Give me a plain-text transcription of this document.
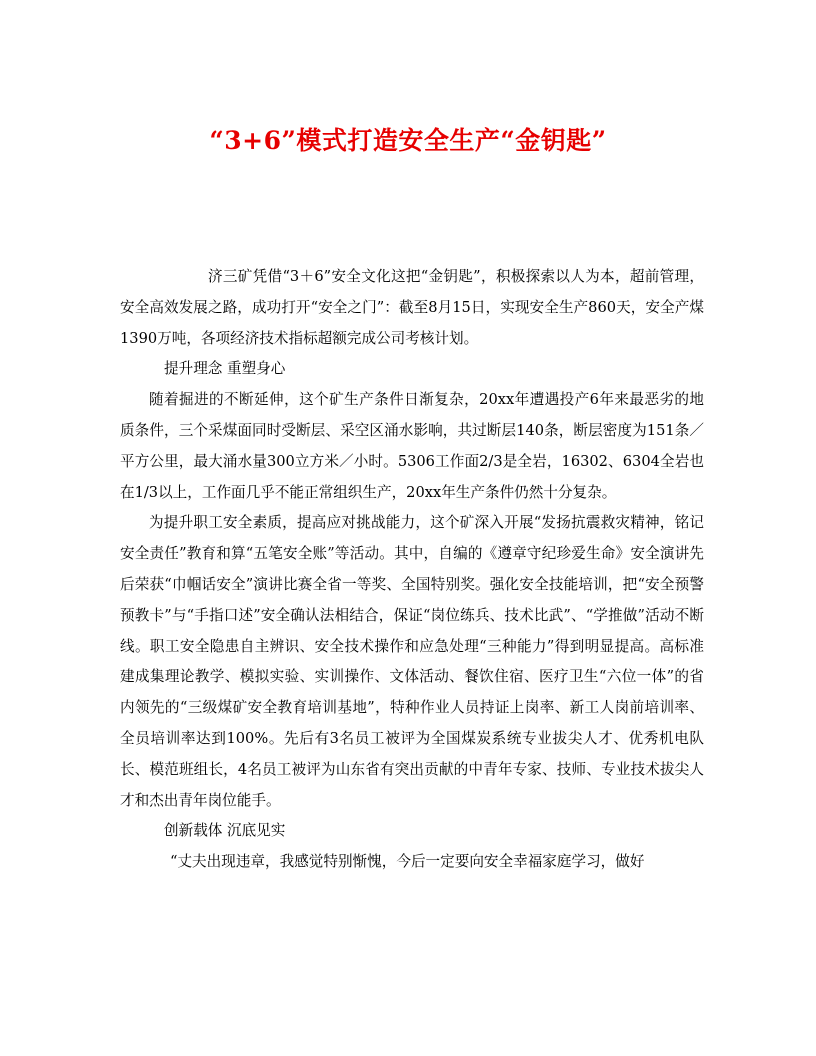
“3+6”模式打造安全生产“金钥匙”

济三矿凭借“3＋6”安全文化这把“金钥匙”，积极探索以人为本，超前管理，安全高效发展之路，成功打开“安全之门”：截至8月15日，实现安全生产860天，安全产煤1390万吨，各项经济技术指标超额完成公司考核计划。

提升理念 重塑身心

随着掘进的不断延伸，这个矿生产条件日渐复杂，20xx年遭遇投产6年来最恶劣的地质条件，三个采煤面同时受断层、采空区涌水影响，共过断层140条，断层密度为151条／平方公里，最大涌水量300立方米／小时。5306工作面2/3是全岩，16302、6304全岩也在1/3以上，工作面几乎不能正常组织生产，20xx年生产条件仍然十分复杂。

为提升职工安全素质，提高应对挑战能力，这个矿深入开展“发扬抗震救灾精神，铭记安全责任”教育和算“五笔安全账”等活动。其中，自编的《遵章守纪珍爱生命》安全演讲先后荣获“巾帼话安全”演讲比赛全省一等奖、全国特别奖。强化安全技能培训，把“安全预警预教卡”与“手指口述”安全确认法相结合，保证“岗位练兵、技术比武”、“学推做”活动不断线。职工安全隐患自主辨识、安全技术操作和应急处理“三种能力”得到明显提高。高标准建成集理论教学、模拟实验、实训操作、文体活动、餐饮住宿、医疗卫生“六位一体”的省内领先的“三级煤矿安全教育培训基地”，特种作业人员持证上岗率、新工人岗前培训率、全员培训率达到100%。先后有3名员工被评为全国煤炭系统专业拔尖人才、优秀机电队长、模范班组长，4名员工被评为山东省有突出贡献的中青年专家、技师、专业技术拔尖人才和杰出青年岗位能手。

创新载体 沉底见实

“丈夫出现违章，我感觉特别惭愧，今后一定要向安全幸福家庭学习，做好
